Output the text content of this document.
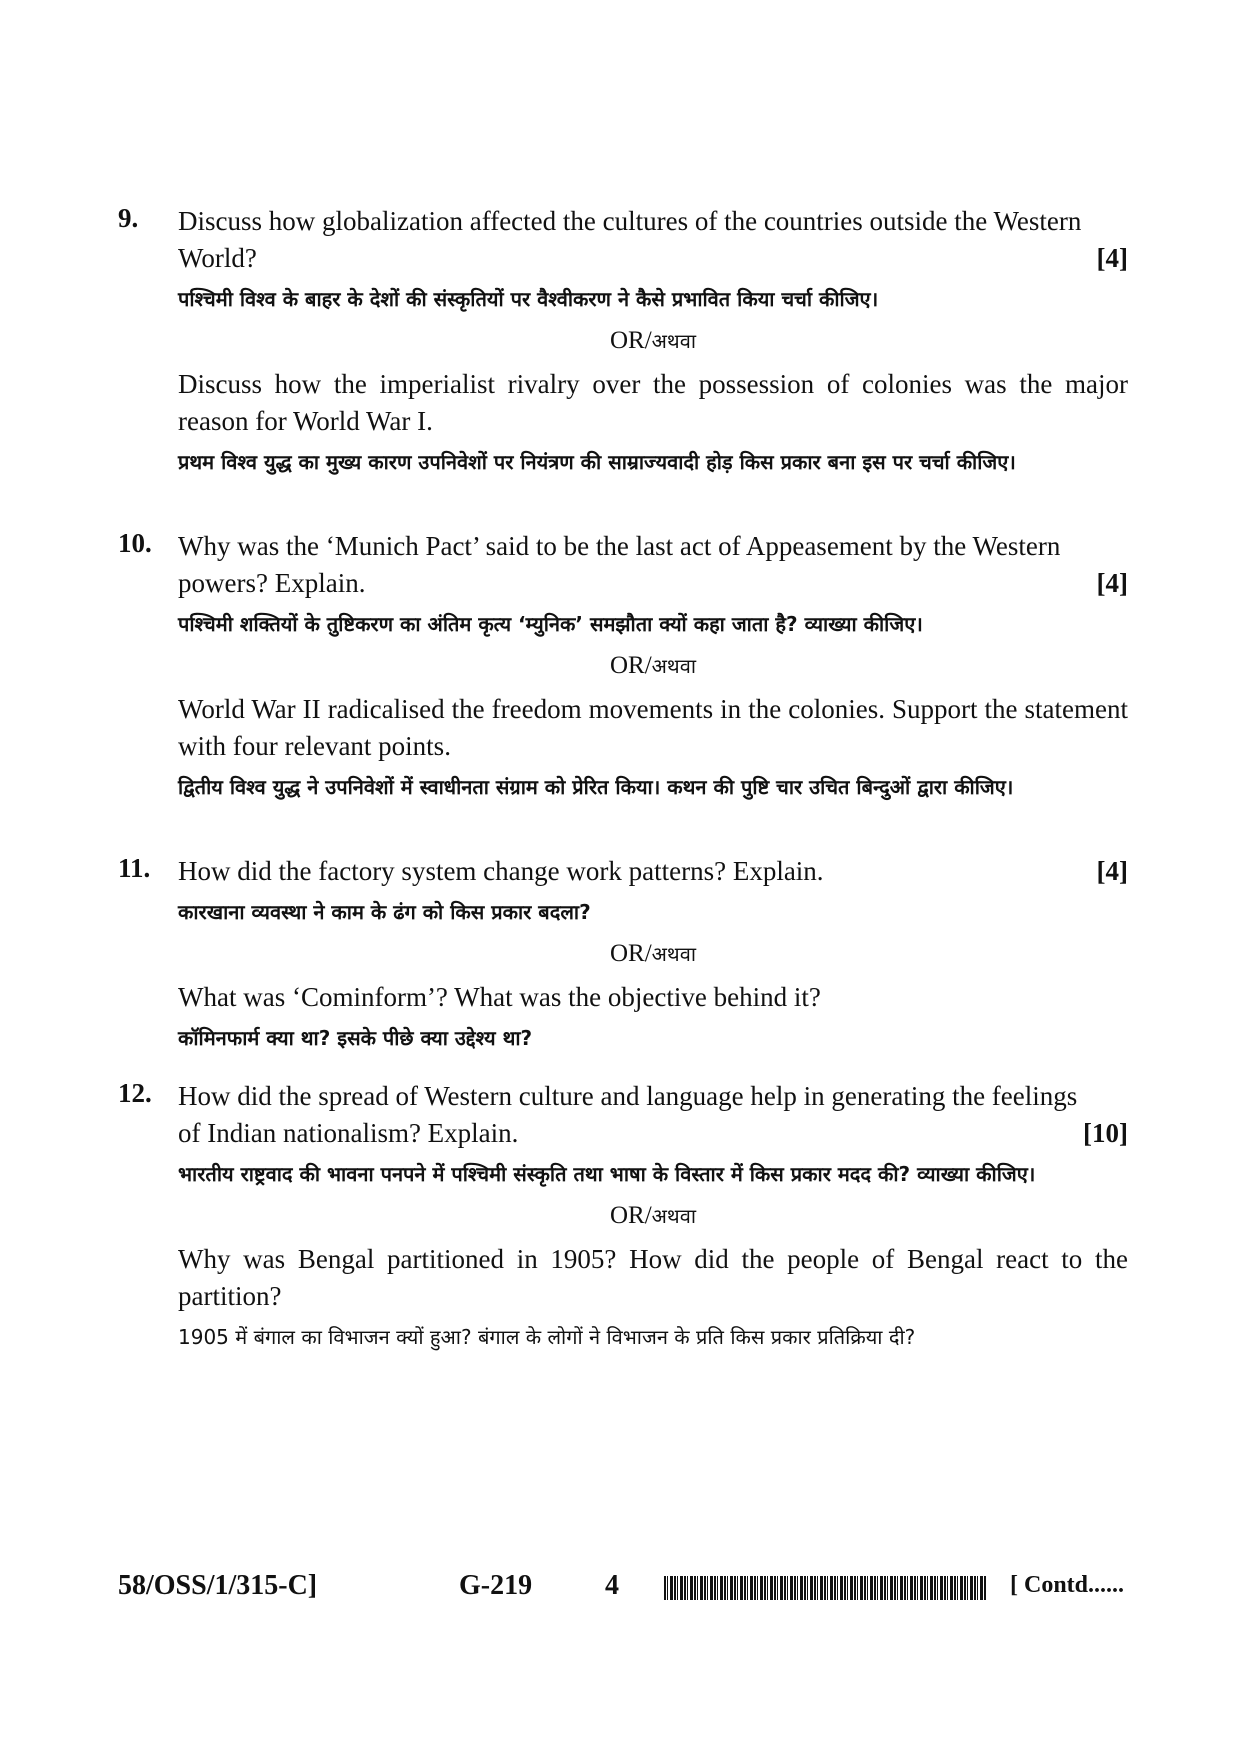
9. Discuss how globalization affected the cultures of the countries outside the Western

World?	[4]

पश्चिमी विश्व के बाहर के देशों की संस्कृतियों पर वैश्वीकरण ने कैसे प्रभावित किया चर्चा कीजिए।

OR/अथवा

Discuss how the imperialist rivalry over the possession of colonies was the major reason for World War I.

प्रथम विश्व युद्ध का मुख्य कारण उपनिवेशों पर नियंत्रण की साम्राज्यवादी होड़ किस प्रकार बना इस पर चर्चा कीजिए।

10. Why was the ‘Munich Pact’ said to be the last act of Appeasement by the Western

powers? Explain.	[4]

पश्चिमी शक्तियों के तुष्टिकरण का अंतिम कृत्य ‘म्युनिक’ समझौता क्यों कहा जाता है? व्याख्या कीजिए।

OR/अथवा

World War II radicalised the freedom movements in the colonies. Support the statement with four relevant points.

द्वितीय विश्व युद्ध ने उपनिवेशों में स्वाधीनता संग्राम को प्रेरित किया। कथन की पुष्टि चार उचित बिन्दुओं द्वारा कीजिए।

11. How did the factory system change work patterns? Explain.	[4]

कारखाना व्यवस्था ने काम के ढंग को किस प्रकार बदला?

OR/अथवा

What was ‘Cominform’? What was the objective behind it?

कॉमिनफार्म क्या था? इसके पीछे क्या उद्देश्य था?

12. How did the spread of Western culture and language help in generating the feelings

of Indian nationalism? Explain.	[10]

भारतीय राष्ट्रवाद की भावना पनपने में पश्चिमी संस्कृति तथा भाषा के विस्तार में किस प्रकार मदद की? व्याख्या कीजिए।

OR/अथवा

Why was Bengal partitioned in 1905? How did the people of Bengal react to the partition?

1905 में बंगाल का विभाजन क्यों हुआ? बंगाल के लोगों ने विभाजन के प्रति किस प्रकार प्रतिक्रिया दी?

58/OSS/1/315-C]	G-219	4	[ Contd......
